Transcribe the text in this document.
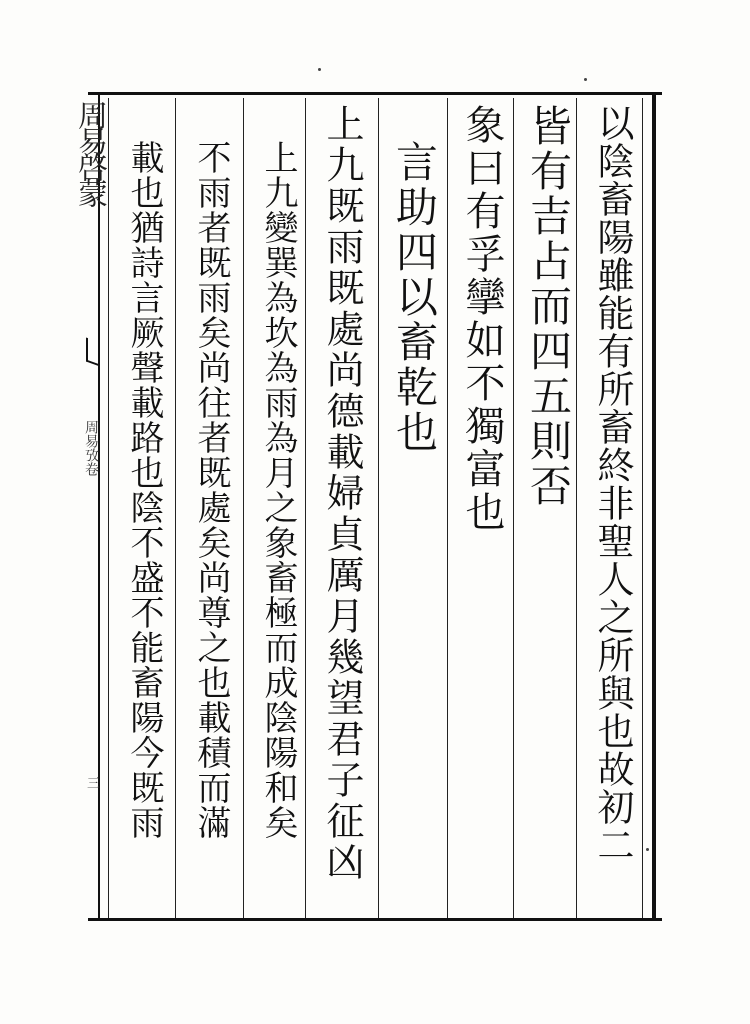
周易啓蒙
周易攷卷
三	以陰畜陽雖能有所畜終非聖人之所與也故初二
皆有吉占而四五則否
象曰有孚攣如不獨富也
言助四以畜乾也
上九既雨既處尚德載婦貞厲月幾望君子征凶
上九變巽為坎為雨為月之象畜極而成陰陽和矣
不雨者既雨矣尚往者既處矣尚尊之也載積而滿
載也猶詩言厥聲載路也陰不盛不能畜陽今既雨
